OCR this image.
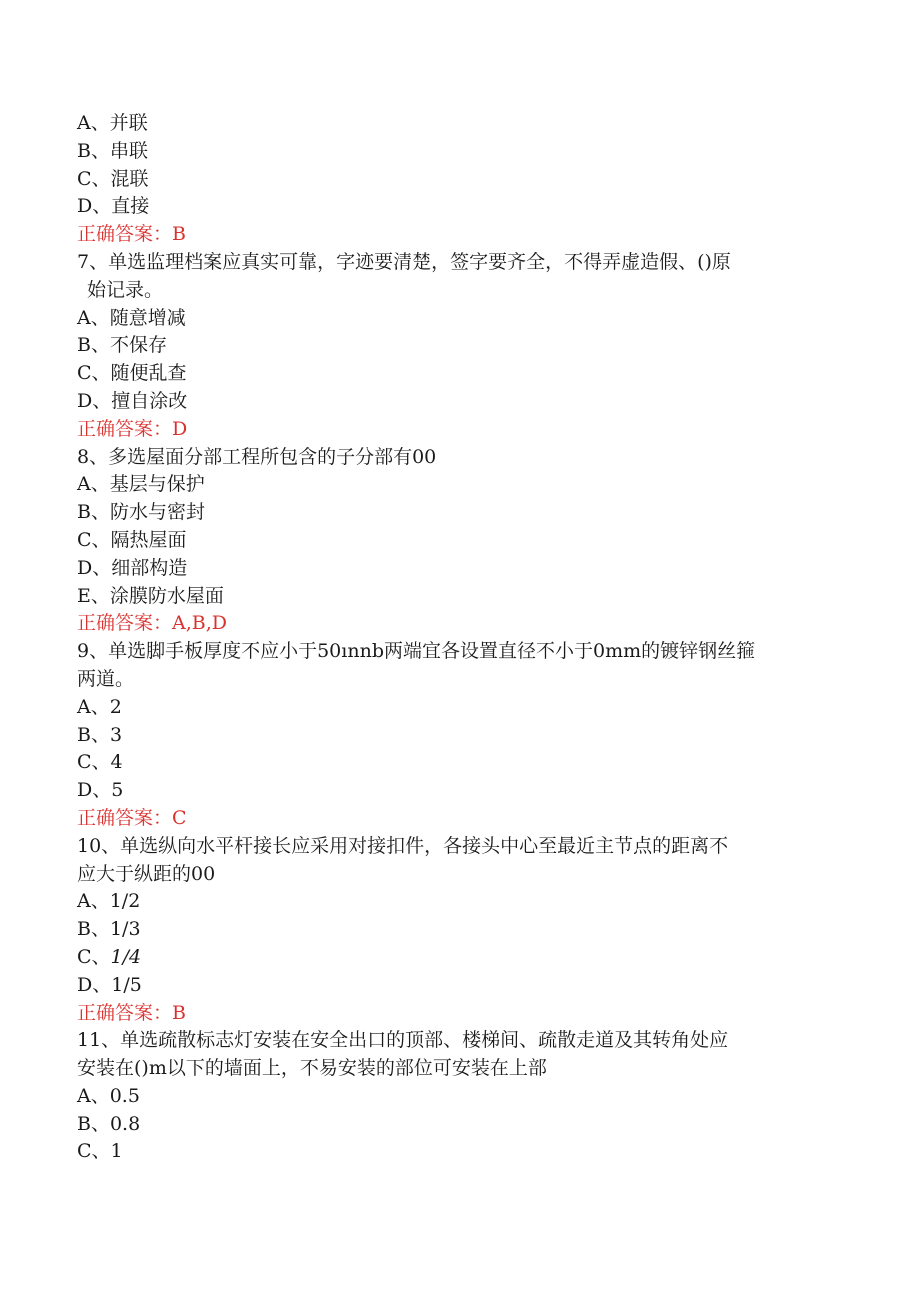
A、并联
B、串联
C、混联
D、直接
正确答案：B
7、单选监理档案应真实可靠，字迹要清楚，签字要齐全，不得弄虚造假、()原
始记录。
A、随意增减
B、不保存
C、随便乱查
D、擅自涂改
正确答案：D
8、多选屋面分部工程所包含的子分部有00
A、基层与保护
B、防水与密封
C、隔热屋面
D、细部构造
E、涂膜防水屋面
正确答案：A,B,D
9、单选脚手板厚度不应小于50ınnb两端宜各设置直径不小于0mm的镀锌钢丝箍
两道。
A、2
B、3
C、4
D、5
正确答案：C
10、单选纵向水平杆接长应采用对接扣件，各接头中心至最近主节点的距离不
应大于纵距的00
A、1/2
B、1/3
C、1/4
D、1/5
正确答案：B
11、单选疏散标志灯安装在安全出口的顶部、楼梯间、疏散走道及其转角处应
安装在()m以下的墙面上，不易安装的部位可安装在上部
A、0.5
B、0.8
C、1
